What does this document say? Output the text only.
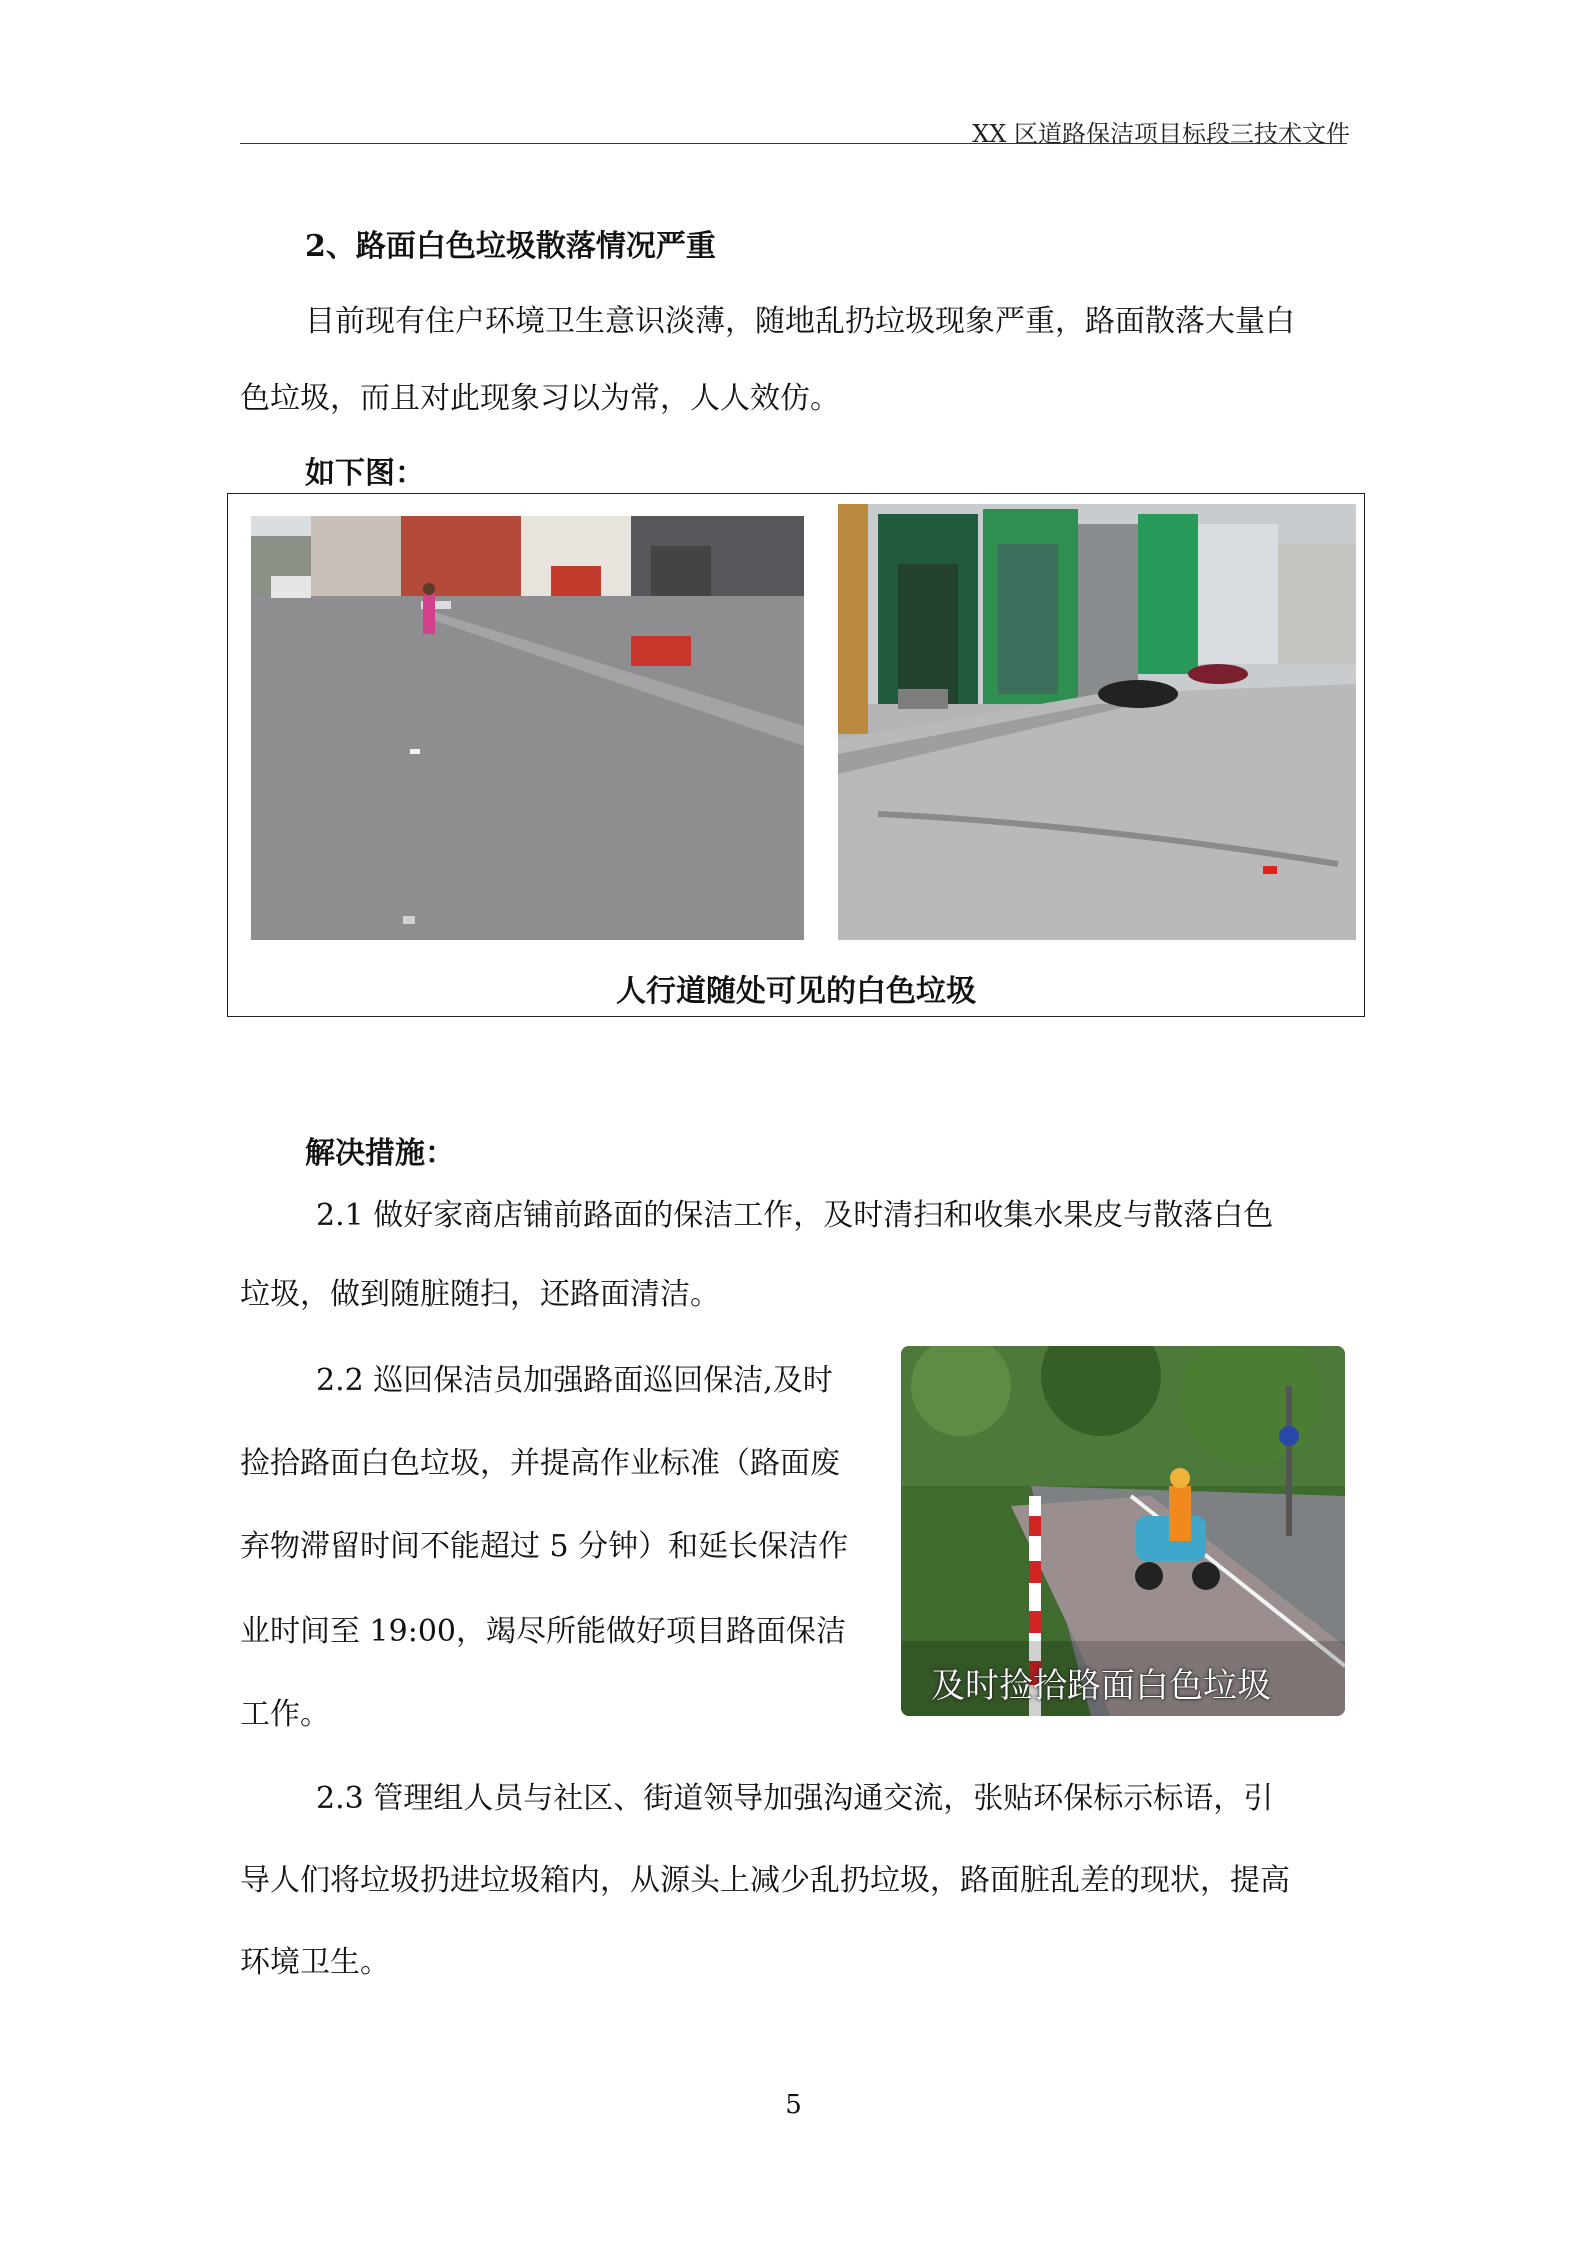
XX 区道路保洁项目标段三技术文件
2、路面白色垃圾散落情况严重
目前现有住户环境卫生意识淡薄，随地乱扔垃圾现象严重，路面散落大量白
色垃圾，而且对此现象习以为常，人人效仿。
如下图：
人行道随处可见的白色垃圾
解决措施：
2.1 做好家商店铺前路面的保洁工作，及时清扫和收集水果皮与散落白色
垃圾，做到随脏随扫，还路面清洁。
2.2 巡回保洁员加强路面巡回保洁,及时
捡拾路面白色垃圾，并提高作业标准（路面废
弃物滞留时间不能超过 5 分钟）和延长保洁作
业时间至 19:00，竭尽所能做好项目路面保洁
工作。
及时捡拾路面白色垃圾
2.3 管理组人员与社区、街道领导加强沟通交流，张贴环保标示标语，引
导人们将垃圾扔进垃圾箱内，从源头上减少乱扔垃圾，路面脏乱差的现状，提高
环境卫生。
5
